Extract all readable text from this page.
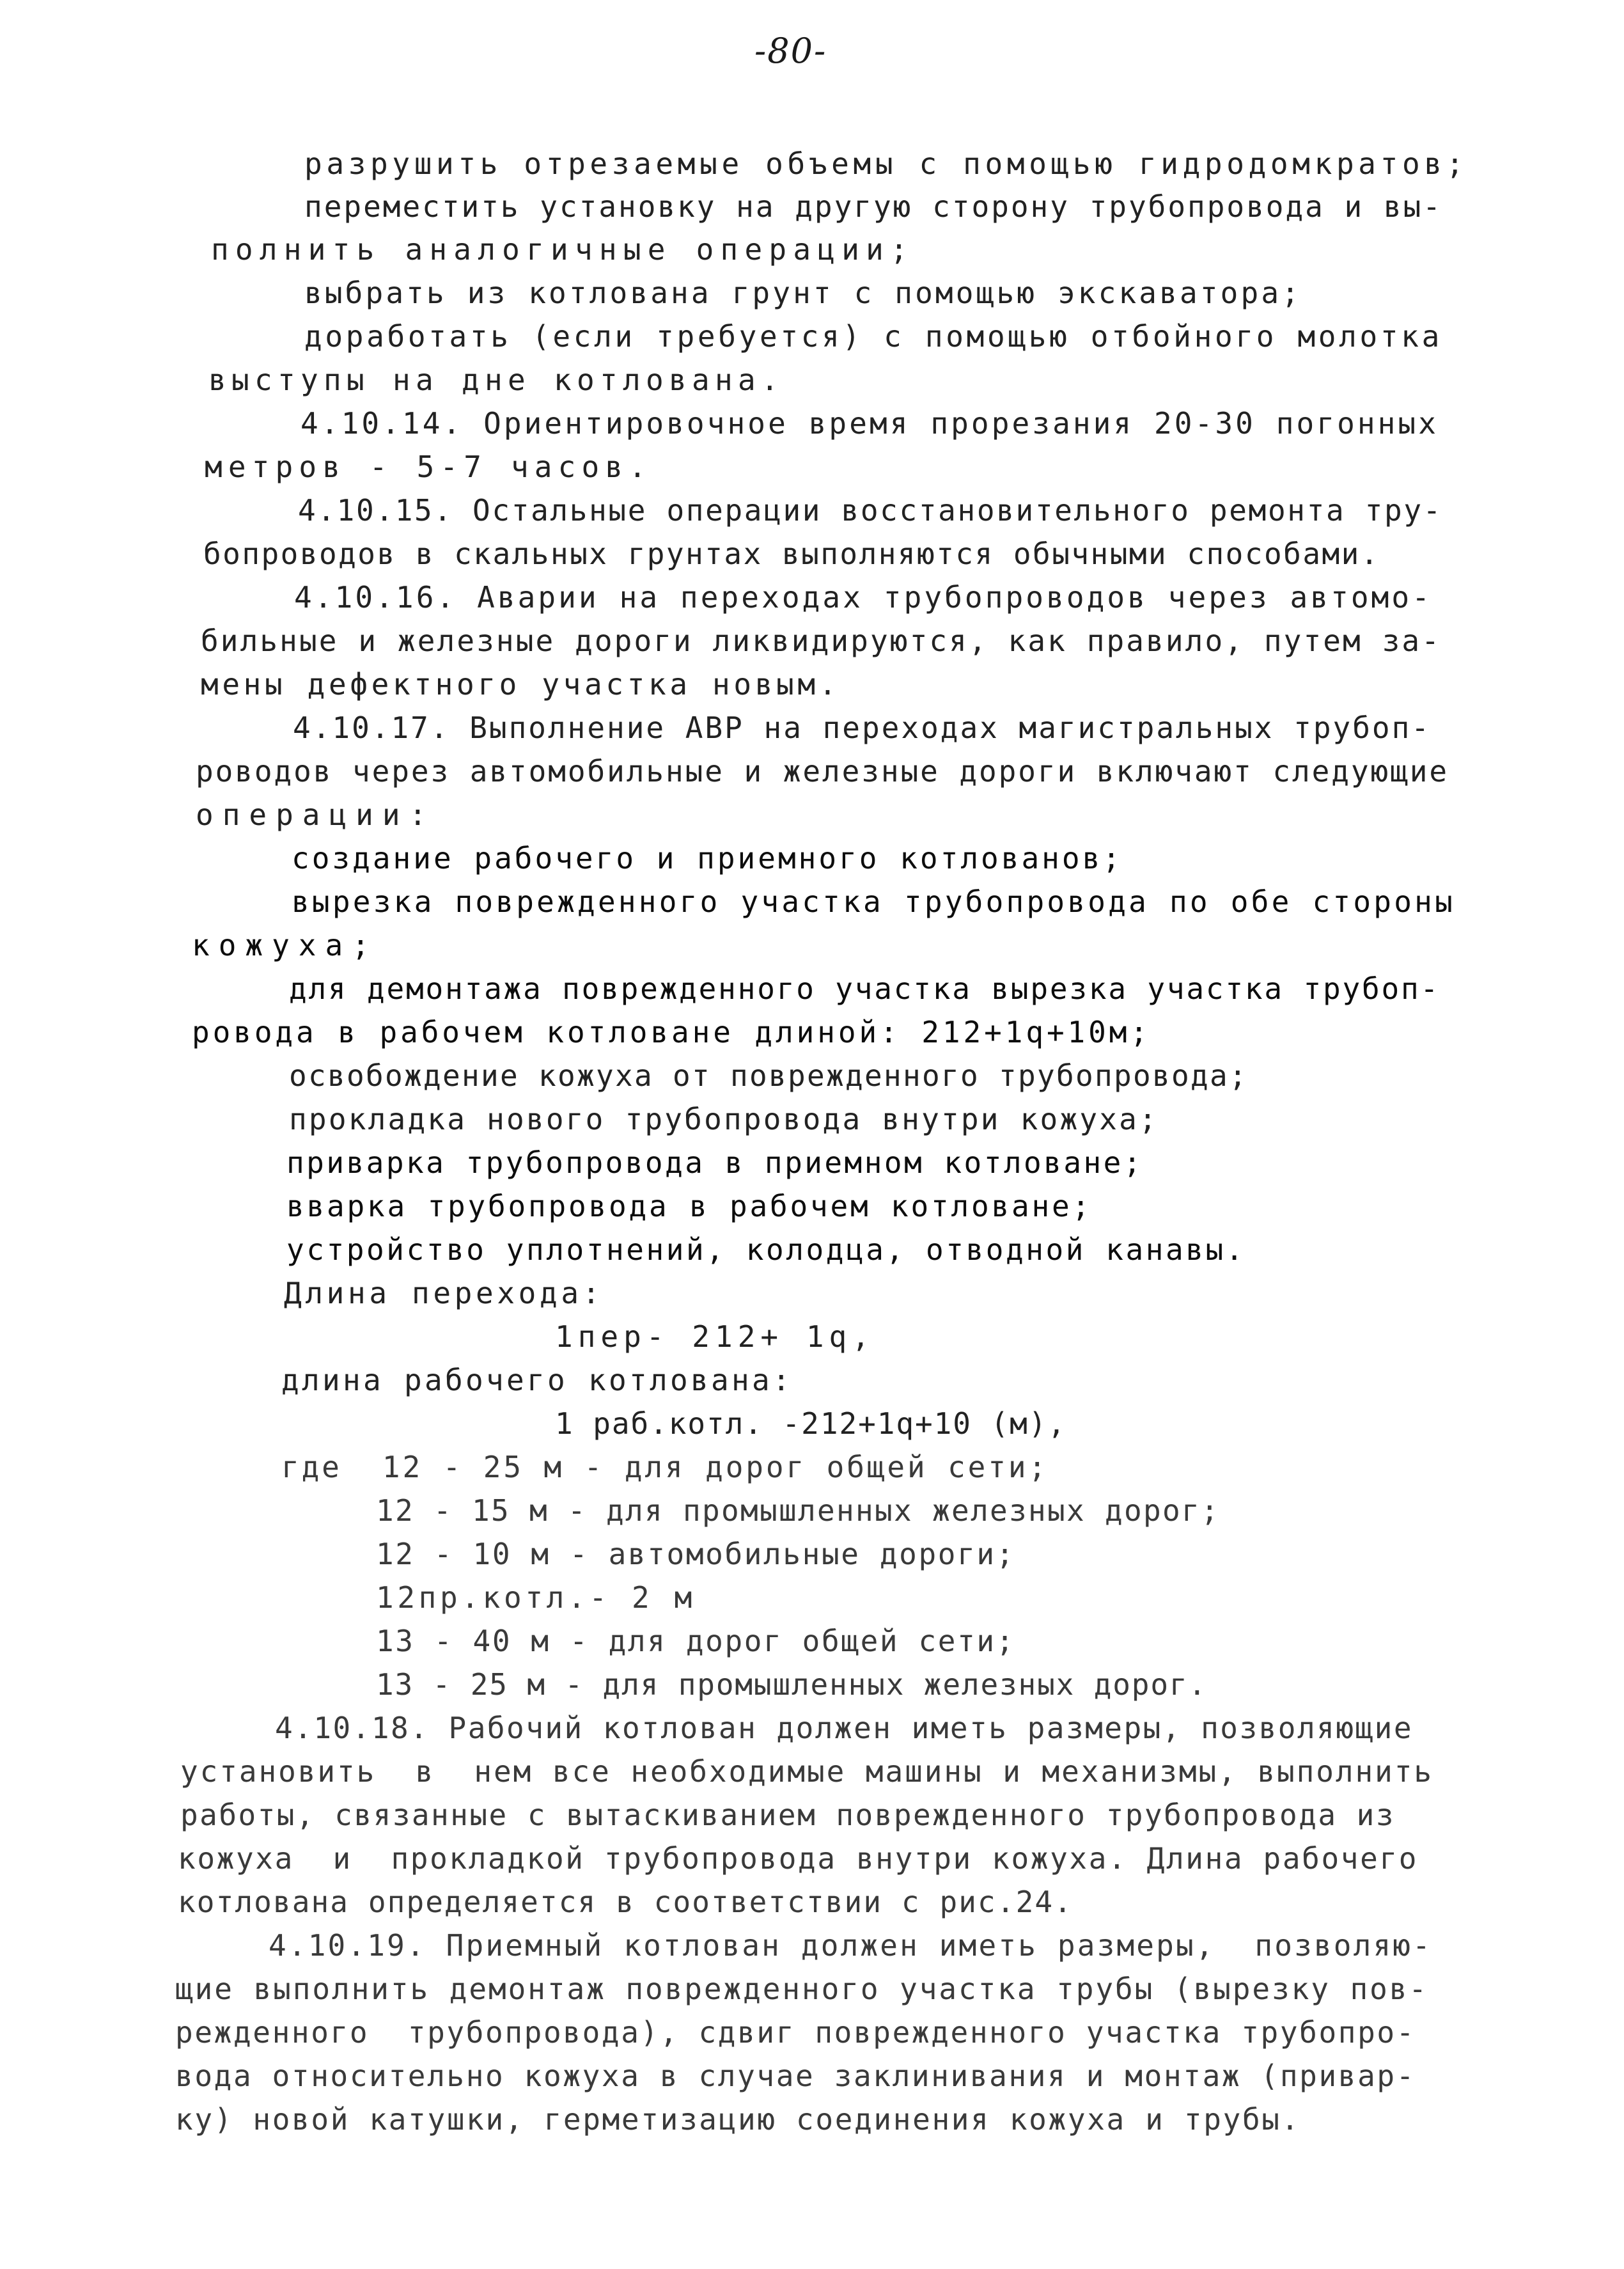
-80-
разрушить отрезаемые объемы с помощью гидродомкратов;
переместить установку на другую сторону трубопровода и вы-
полнить аналогичные операции;
выбрать из котлована грунт с помощью экскаватора;
доработать (если требуется) с помощью отбойного молотка
выступы на дне котлована.
4.10.14. Ориентировочное время прорезания 20-30 погонных
метров - 5-7 часов.
4.10.15. Остальные операции восстановительного ремонта тру-
бопроводов в скальных грунтах выполняются обычными способами.
4.10.16. Аварии на переходах трубопроводов через автомо-
бильные и железные дороги ликвидируются, как правило, путем за-
мены дефектного участка новым.
4.10.17. Выполнение АВР на переходах магистральных трубоп-
роводов через автомобильные и железные дороги включают следующие
операции:
создание рабочего и приемного котлованов;
вырезка поврежденного участка трубопровода по обе стороны
кожуха;
для демонтажа поврежденного участка вырезка участка трубоп-
ровода в рабочем котловане длиной: 212+1q+10м;
освобождение кожуха от поврежденного трубопровода;
прокладка нового трубопровода внутри кожуха;
приварка трубопровода в приемном котловане;
вварка трубопровода в рабочем котловане;
устройство уплотнений, колодца, отводной канавы.
Длина перехода:
1пер- 212+ 1q,
длина рабочего котлована:
1 раб.котл. -212+1q+10 (м),
где  12 - 25 м - для дорог общей сети;
12 - 15 м - для промышленных железных дорог;
12 - 10 м - автомобильные дороги;
12пр.котл.- 2 м
13 - 40 м - для дорог общей сети;
13 - 25 м - для промышленных железных дорог.
4.10.18. Рабочий котлован должен иметь размеры, позволяющие
установить  в  нем все необходимые машины и механизмы, выполнить
работы, связанные с вытаскиванием поврежденного трубопровода из
кожуха  и  прокладкой трубопровода внутри кожуха. Длина рабочего
котлована определяется в соответствии с рис.24.
4.10.19. Приемный котлован должен иметь размеры,  позволяю-
щие выполнить демонтаж поврежденного участка трубы (вырезку пов-
режденного  трубопровода), сдвиг поврежденного участка трубопро-
вода относительно кожуха в случае заклинивания и монтаж (привар-
ку) новой катушки, герметизацию соединения кожуха и трубы.
